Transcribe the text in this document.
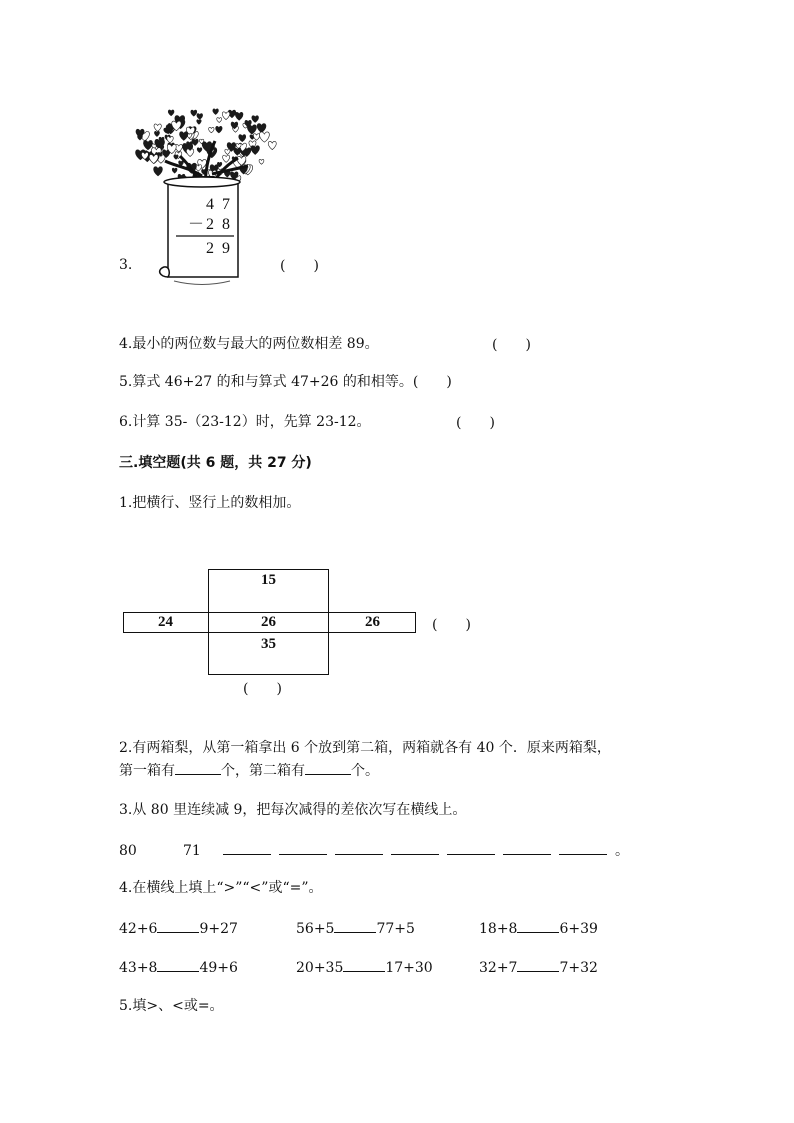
3.
4 7
－2 8
2 9
(　　)
4.最小的两位数与最大的两位数相差 89。	(　　)
5.算式 46+27 的和与算式 47+26 的和相等。(　　)
6.计算 35-（23-12）时，先算 23-12。	(　　)
三.填空题(共 6 题，共 27 分)
1.把横行、竖行上的数相加。
15
24	26	26
35
(　　)
(　　)
2.有两箱梨，从第一箱拿出 6 个放到第二箱，两箱就各有 40 个．原来两箱梨，
第一箱有	个，第二箱有	个。
3.从 80 里连续减 9，把每次减得的差依次写在横线上。
80	71	。
4.在横线上填上“>”“<”或“=”。
42+6	9+27	56+5	77+5	18+8	6+39
43+8	49+6	20+35	17+30	32+7	7+32
5.填>、<或=。
